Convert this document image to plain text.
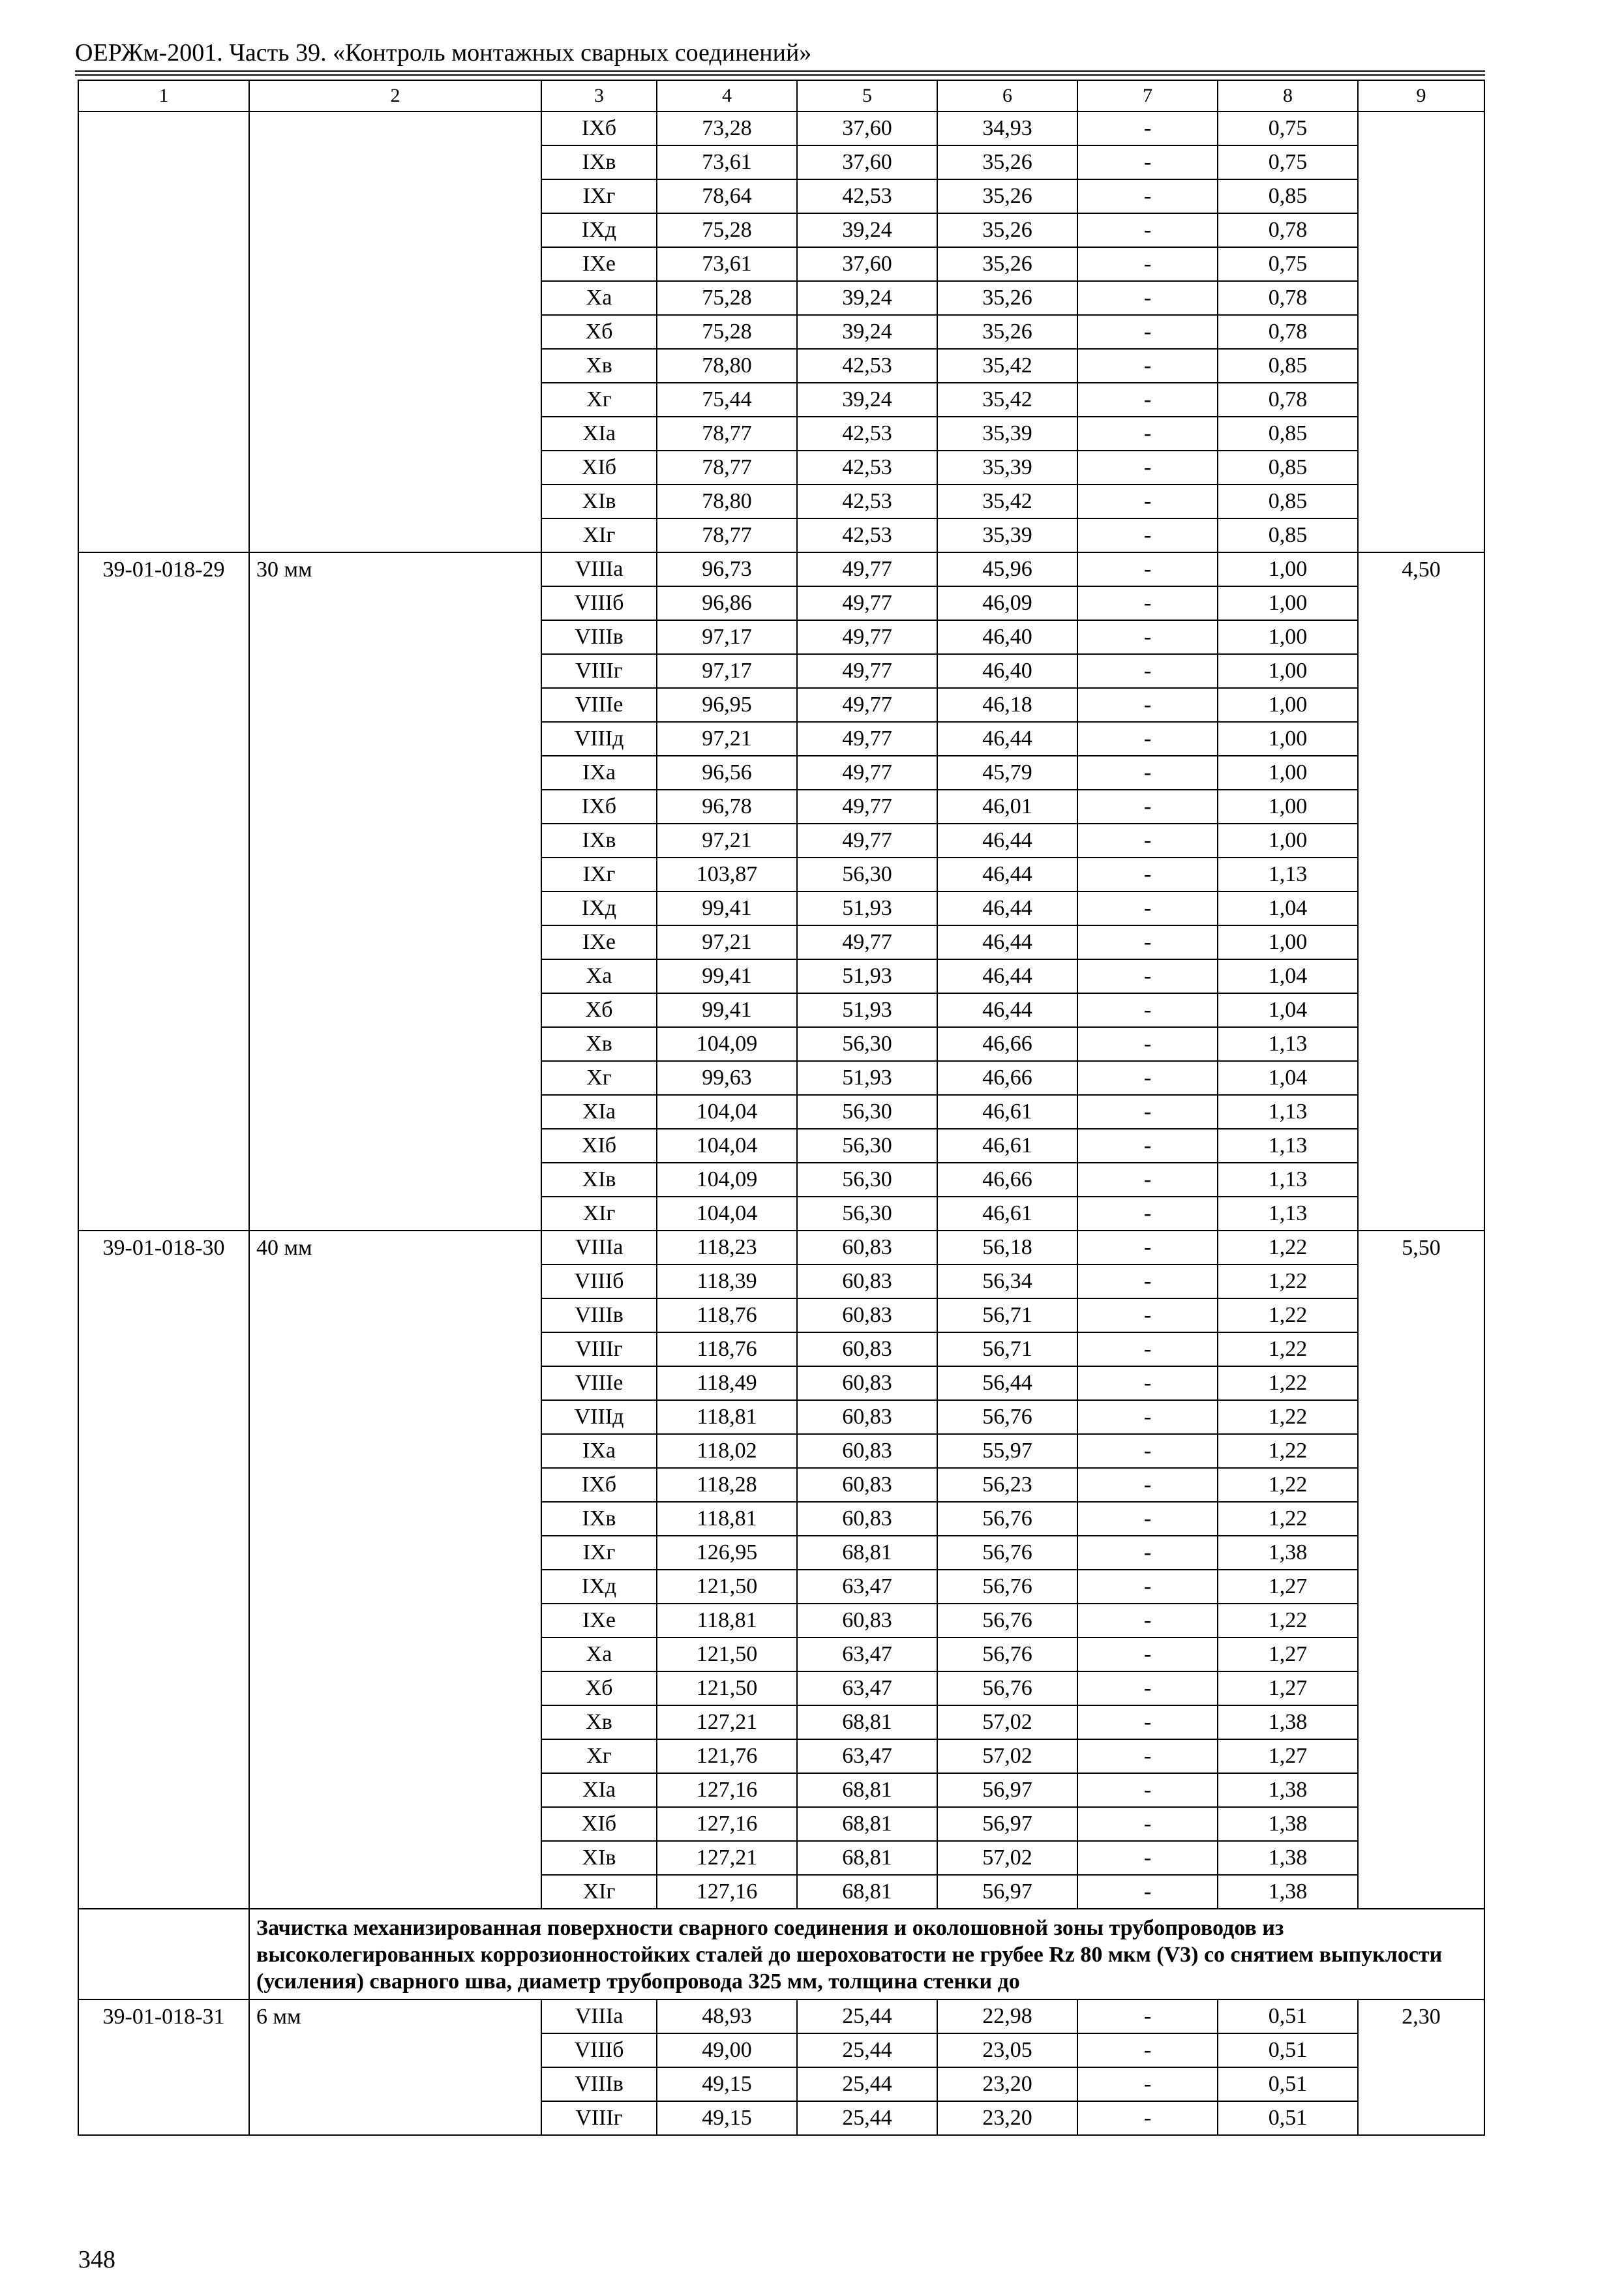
ОЕРЖм-2001. Часть 39. «Контроль монтажных сварных соединений»
1	2	3	4	5	6	7	8	9
		IXб	73,28	37,60	34,93	-	0,75	
		IXв	73,61	37,60	35,26	-	0,75	
		IXг	78,64	42,53	35,26	-	0,85	
		IXд	75,28	39,24	35,26	-	0,78	
		IXе	73,61	37,60	35,26	-	0,75	
		Xа	75,28	39,24	35,26	-	0,78	
		Xб	75,28	39,24	35,26	-	0,78	
		Xв	78,80	42,53	35,42	-	0,85	
		Xг	75,44	39,24	35,42	-	0,78	
		XIа	78,77	42,53	35,39	-	0,85	
		XIб	78,77	42,53	35,39	-	0,85	
		XIв	78,80	42,53	35,42	-	0,85	
		XIг	78,77	42,53	35,39	-	0,85	
39-01-018-29	30 мм	VIIIа	96,73	49,77	45,96	-	1,00	4,50
		VIIIб	96,86	49,77	46,09	-	1,00	
		VIIIв	97,17	49,77	46,40	-	1,00	
		VIIIг	97,17	49,77	46,40	-	1,00	
		VIIIе	96,95	49,77	46,18	-	1,00	
		VIIIд	97,21	49,77	46,44	-	1,00	
		IXа	96,56	49,77	45,79	-	1,00	
		IXб	96,78	49,77	46,01	-	1,00	
		IXв	97,21	49,77	46,44	-	1,00	
		IXг	103,87	56,30	46,44	-	1,13	
		IXд	99,41	51,93	46,44	-	1,04	
		IXе	97,21	49,77	46,44	-	1,00	
		Xа	99,41	51,93	46,44	-	1,04	
		Xб	99,41	51,93	46,44	-	1,04	
		Xв	104,09	56,30	46,66	-	1,13	
		Xг	99,63	51,93	46,66	-	1,04	
		XIа	104,04	56,30	46,61	-	1,13	
		XIб	104,04	56,30	46,61	-	1,13	
		XIв	104,09	56,30	46,66	-	1,13	
		XIг	104,04	56,30	46,61	-	1,13	
39-01-018-30	40 мм	VIIIа	118,23	60,83	56,18	-	1,22	5,50
		VIIIб	118,39	60,83	56,34	-	1,22	
		VIIIв	118,76	60,83	56,71	-	1,22	
		VIIIг	118,76	60,83	56,71	-	1,22	
		VIIIе	118,49	60,83	56,44	-	1,22	
		VIIIд	118,81	60,83	56,76	-	1,22	
		IXа	118,02	60,83	55,97	-	1,22	
		IXб	118,28	60,83	56,23	-	1,22	
		IXв	118,81	60,83	56,76	-	1,22	
		IXг	126,95	68,81	56,76	-	1,38	
		IXд	121,50	63,47	56,76	-	1,27	
		IXе	118,81	60,83	56,76	-	1,22	
		Xа	121,50	63,47	56,76	-	1,27	
		Xб	121,50	63,47	56,76	-	1,27	
		Xв	127,21	68,81	57,02	-	1,38	
		Xг	121,76	63,47	57,02	-	1,27	
		XIа	127,16	68,81	56,97	-	1,38	
		XIб	127,16	68,81	56,97	-	1,38	
		XIв	127,21	68,81	57,02	-	1,38	
		XIг	127,16	68,81	56,97	-	1,38	
	Зачистка механизированная поверхности сварного соединения и околошовной зоны трубопроводов из высоколегированных коррозионностойких сталей до шероховатости не грубее Rz 80 мкм (V3) со снятием выпуклости (усиления) сварного шва, диаметр трубопровода 325 мм, толщина стенки до							
39-01-018-31	6 мм	VIIIа	48,93	25,44	22,98	-	0,51	2,30
		VIIIб	49,00	25,44	23,05	-	0,51	
		VIIIв	49,15	25,44	23,20	-	0,51	
		VIIIг	49,15	25,44	23,20	-	0,51	
348
